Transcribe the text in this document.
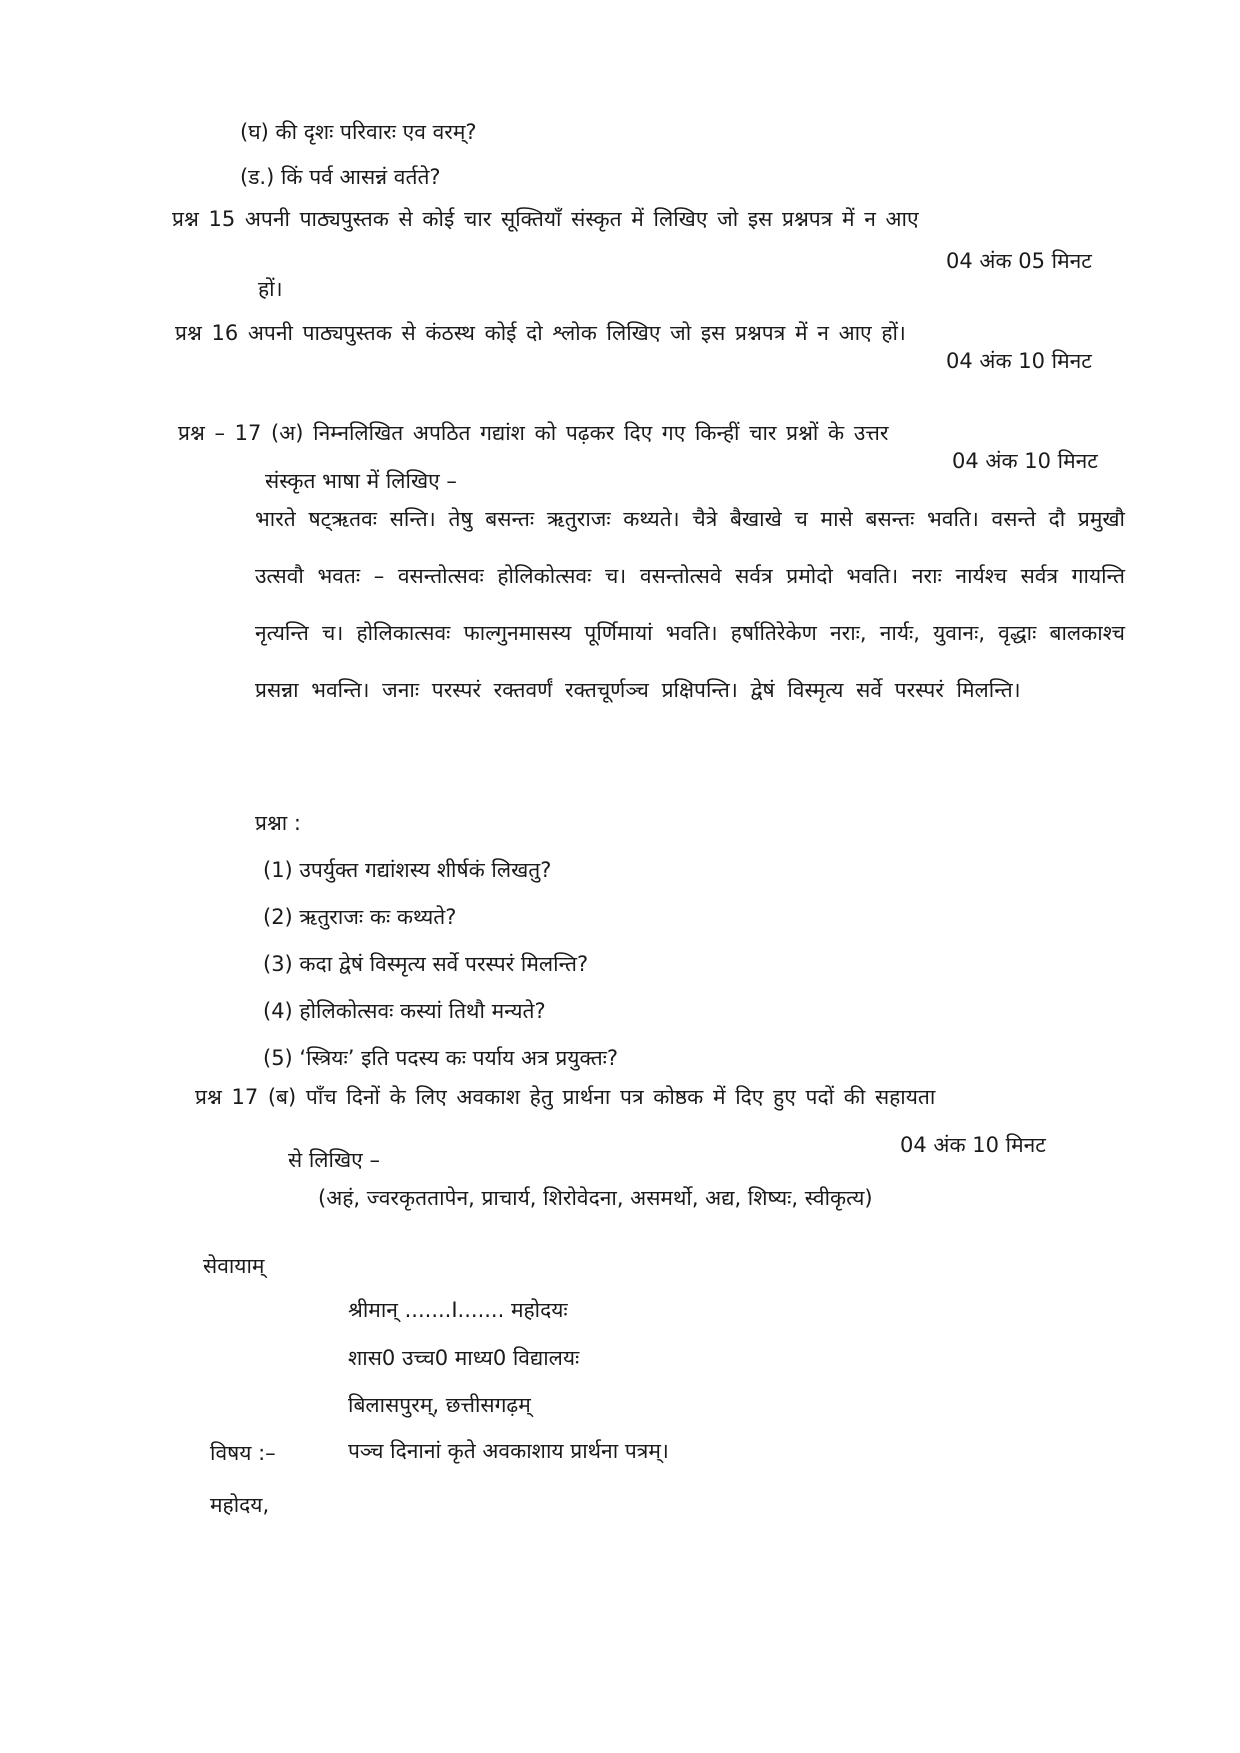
(घ) की दृशः परिवारः एव वरम्?
(ड.) किं पर्व आसन्नं वर्तते?
प्रश्न 15 अपनी पाठ्यपुस्तक से कोई चार सूक्तियाँ संस्कृत में लिखिए जो इस प्रश्नपत्र में न आए
04 अंक 05 मिनट
हों।
प्रश्न 16 अपनी पाठ्यपुस्तक से कंठस्थ कोई दो श्लोक लिखिए जो इस प्रश्नपत्र में न आए हों।
04 अंक 10 मिनट
प्रश्न – 17 (अ) निम्नलिखित अपठित गद्यांश को पढ़कर दिए गए किन्हीं चार प्रश्नों के उत्तर
04 अंक 10 मिनट
संस्कृत भाषा में लिखिए –
भारते षट्ऋतवः सन्ति। तेषु बसन्तः ऋतुराजः कथ्यते। चैत्रे बैखाखे च मासे बसन्तः भवति। वसन्ते दौ प्रमुखौ उत्सवौ भवतः – वसन्तोत्सवः होलिकोत्सवः च। वसन्तोत्सवे सर्वत्र प्रमोदो भवति। नराः नार्यश्च सर्वत्र गायन्ति नृत्यन्ति च। होलिकात्सवः फाल्गुनमासस्य पूर्णिमायां भवति। हर्षातिरेकेण नराः, नार्यः, युवानः, वृद्धाः बालकाश्च प्रसन्ना भवन्ति। जनाः परस्परं रक्तवर्णं रक्तचूर्णञ्च प्रक्षिपन्ति। द्वेषं विस्मृत्य सर्वे परस्परं मिलन्ति।
प्रश्ना :
(1) उपर्युक्त गद्यांशस्य शीर्षकं लिखतु?
(2) ऋतुराजः कः कथ्यते?
(3) कदा द्वेषं विस्मृत्य सर्वे परस्परं मिलन्ति?
(4) होलिकोत्सवः कस्यां तिथौ मन्यते?
(5) ‘स्त्रियः’ इति पदस्य कः पर्याय अत्र प्रयुक्तः?
प्रश्न 17 (ब) पाँच दिनों के लिए अवकाश हेतु प्रार्थना पत्र कोष्ठक में दिए हुए पदों की सहायता
04 अंक 10 मिनट
से लिखिए –
(अहं, ज्वरकृततापेन, प्राचार्य, शिरोवेदना, असमर्थो, अद्य, शिष्यः, स्वीकृत्य)
सेवायाम्
श्रीमान् .......I....... महोदयः
शास0 उच्च0 माध्य0 विद्यालयः
बिलासपुरम्, छत्तीसगढ़म्
विषय :–	पञ्च दिनानां कृते अवकाशाय प्रार्थना पत्रम्।
महोदय,
